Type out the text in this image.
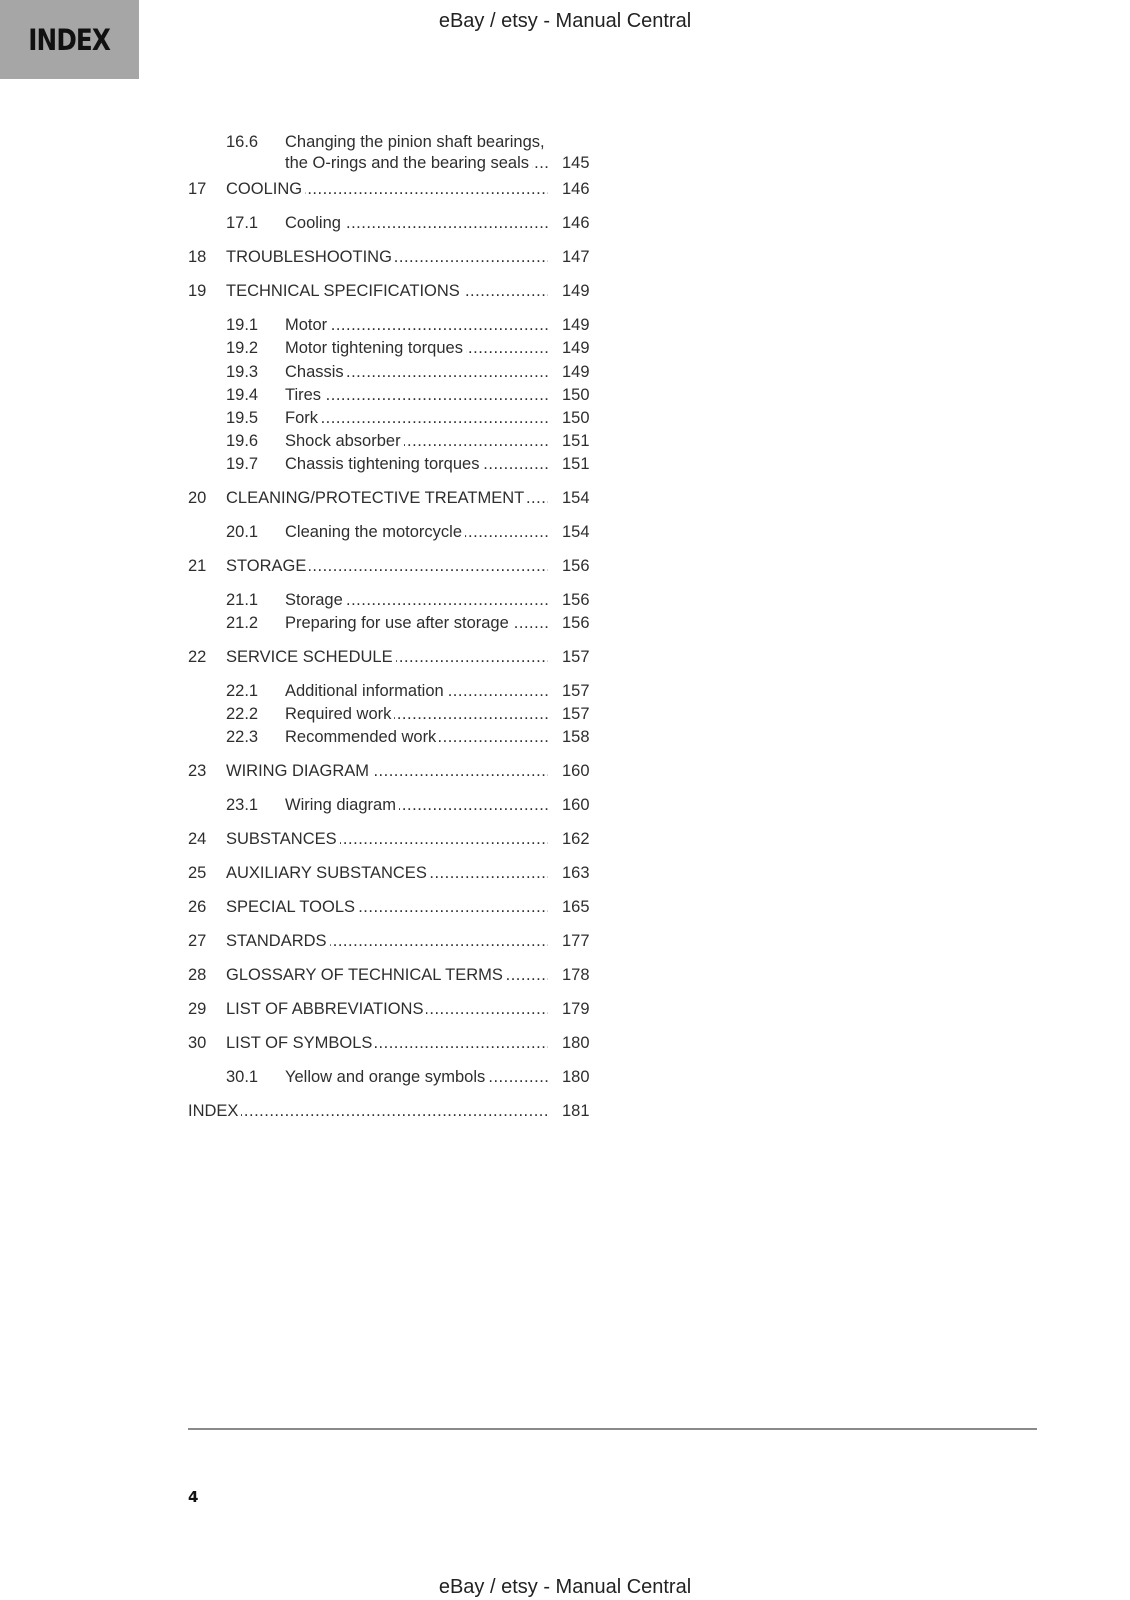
INDEX
eBay / etsy - Manual Central
16.6 Changing the pinion shaft bearings,
the O-rings and the bearing seals .....	145
17 COOLING .....	146
17.1 Cooling .....	146
18 TROUBLESHOOTING .....	147
19 TECHNICAL SPECIFICATIONS .....	149
19.1 Motor .....	149
19.2 Motor tightening torques .....	149
19.3 Chassis .....	149
19.4 Tires .....	150
19.5 Fork .....	150
19.6 Shock absorber .....	151
19.7 Chassis tightening torques .....	151
20 CLEANING/PROTECTIVE TREATMENT .....	154
20.1 Cleaning the motorcycle .....	154
21 STORAGE .....	156
21.1 Storage .....	156
21.2 Preparing for use after storage .....	156
22 SERVICE SCHEDULE .....	157
22.1 Additional information .....	157
22.2 Required work .....	157
22.3 Recommended work .....	158
23 WIRING DIAGRAM .....	160
23.1 Wiring diagram .....	160
24 SUBSTANCES .....	162
25 AUXILIARY SUBSTANCES .....	163
26 SPECIAL TOOLS .....	165
27 STANDARDS .....	177
28 GLOSSARY OF TECHNICAL TERMS .....	178
29 LIST OF ABBREVIATIONS .....	179
30 LIST OF SYMBOLS .....	180
30.1 Yellow and orange symbols .....	180
INDEX .....	181
4
eBay / etsy - Manual Central
